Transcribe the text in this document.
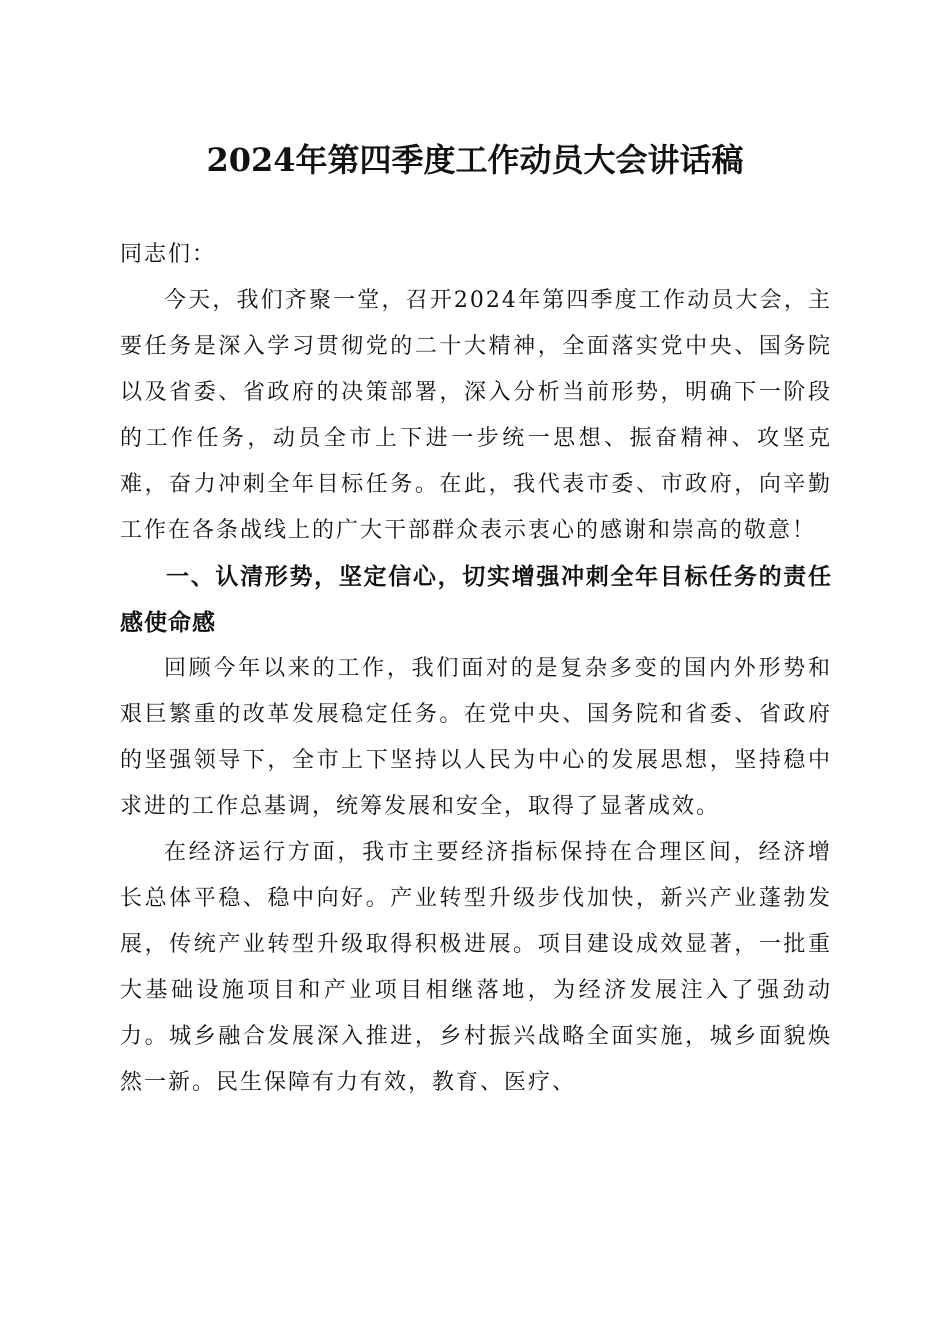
2024年第四季度工作动员大会讲话稿

同志们：

今天，我们齐聚一堂，召开2024年第四季度工作动员大会，主要任务是深入学习贯彻党的二十大精神，全面落实党中央、国务院以及省委、省政府的决策部署，深入分析当前形势，明确下一阶段的工作任务，动员全市上下进一步统一思想、振奋精神、攻坚克难，奋力冲刺全年目标任务。在此，我代表市委、市政府，向辛勤工作在各条战线上的广大干部群众表示衷心的感谢和崇高的敬意！

一、认清形势，坚定信心，切实增强冲刺全年目标任务的责任感使命感

回顾今年以来的工作，我们面对的是复杂多变的国内外形势和艰巨繁重的改革发展稳定任务。在党中央、国务院和省委、省政府的坚强领导下，全市上下坚持以人民为中心的发展思想，坚持稳中求进的工作总基调，统筹发展和安全，取得了显著成效。

在经济运行方面，我市主要经济指标保持在合理区间，经济增长总体平稳、稳中向好。产业转型升级步伐加快，新兴产业蓬勃发展，传统产业转型升级取得积极进展。项目建设成效显著，一批重大基础设施项目和产业项目相继落地，为经济发展注入了强劲动力。城乡融合发展深入推进，乡村振兴战略全面实施，城乡面貌焕然一新。民生保障有力有效，教育、医疗、
